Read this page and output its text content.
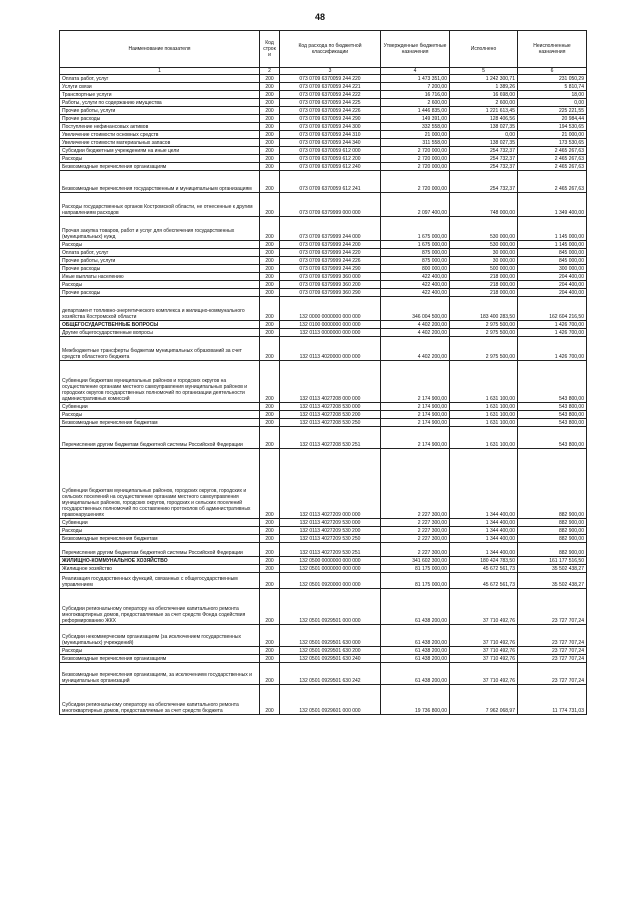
48
Наименование показателя	Код строк и	Код расхода по бюджетной классификации	Утвержденные бюджетные назначения	Исполнено	Неисполненные назначения
1	2	3	4	5	6
Оплата работ, услуг	200	073 0709 6370059 244 220	1 473 351,00	1 242 300,71	231 050,29
Услуги связи	200	073 0709 6370059 244 221	7 200,00	1 389,26	5 810,74
Транспортные услуги	200	073 0709 6370059 244 222	16 716,00	16 698,00	18,00
Работы, услуги по содержанию имущества	200	073 0709 6370059 244 225	2 600,00	2 600,00	0,00
Прочие работы, услуги	200	073 0709 6370059 244 226	1 446 835,00	1 221 613,45	225 221,55
Прочие расходы	200	073 0709 6370059 244 290	149 391,00	128 406,56	20 984,44
Поступление нефинансовых активов	200	073 0709 6370059 244 300	332 558,00	138 027,35	194 530,65
Увеличение стоимости основных средств	200	073 0709 6370059 244 310	21 000,00	0,00	21 000,00
Увеличение стоимости материальных запасов	200	073 0709 6370059 244 340	311 558,00	138 027,35	173 530,65
Субсидии бюджетным учреждениям на иные цели	200	073 0709 6370059 612 000	2 720 000,00	254 732,37	2 465 267,63
Расходы	200	073 0709 6370059 612 200	2 720 000,00	254 732,37	2 465 267,63
Безвозмездные перечисления организациям	200	073 0709 6370059 612 240	2 720 000,00	254 732,37	2 465 267,63
Безвозмездные перечисления государственным и муниципальным организациям	200	073 0709 6370059 612 241	2 720 000,00	254 732,37	2 465 267,63
Расходы государственных органов Костромской области, не отнесенные к другим направлениям расходов	200	073 0709 6379999 000 000	2 097 400,00	748 000,00	1 349 400,00
Прочая закупка товаров, работ и услуг для обеспечения государственных (муниципальных) нужд	200	073 0709 6379999 244 000	1 675 000,00	530 000,00	1 145 000,00
Расходы	200	073 0709 6379999 244 200	1 675 000,00	530 000,00	1 145 000,00
Оплата работ, услуг	200	073 0709 6379999 244 220	875 000,00	30 000,00	845 000,00
Прочие работы, услуги	200	073 0709 6379999 244 226	875 000,00	30 000,00	845 000,00
Прочие расходы	200	073 0709 6379999 244 290	800 000,00	500 000,00	300 000,00
Иные выплаты населению	200	073 0709 6379999 360 000	422 400,00	218 000,00	204 400,00
Расходы	200	073 0709 6379999 360 200	422 400,00	218 000,00	204 400,00
Прочие расходы	200	073 0709 6379999 360 290	422 400,00	218 000,00	204 400,00
департамент топливно-энергетического комплекса и жилищно-коммунального хозяйства Костромской области	200	132 0000 0000000 000 000	346 004 500,00	183 400 283,50	162 604 216,50
ОБЩЕГОСУДАРСТВЕННЫЕ ВОПРОСЫ	200	132 0100 0000000 000 000	4 402 200,00	2 975 500,00	1 426 700,00
Другие общегосударственные вопросы	200	132 0113 0000000 000 000	4 402 200,00	2 975 500,00	1 426 700,00
Межбюджетные трансферты бюджетам муниципальных образований за счет средств областного бюджета	200	132 0113 4020000 000 000	4 402 200,00	2 975 500,00	1 426 700,00
Субвенции бюджетам муниципальных районов и городских округов на осуществление органами местного самоуправления муниципальных районов и городских округов государственных полномочий по организации деятельности административных комиссий	200	132 0113 4027208 000 000	2 174 900,00	1 631 100,00	543 800,00
Субвенции	200	132 0113 4027208 530 000	2 174 900,00	1 631 100,00	543 800,00
Расходы	200	132 0113 4027208 530 200	2 174 900,00	1 631 100,00	543 800,00
Безвозмездные перечисления бюджетам	200	132 0113 4027208 530 250	2 174 900,00	1 631 100,00	543 800,00
Перечисления другим бюджетам бюджетной системы Российской Федерации	200	132 0113 4027208 530 251	2 174 900,00	1 631 100,00	543 800,00
Субвенции бюджетам муниципальных районов, городских округов, городских и сельских поселений на осуществление органами местного самоуправления муниципальных районов, городских округов, городских и сельских поселений государственных полномочий по составлению протоколов об административных правонарушениях	200	132 0113 4027209 000 000	2 227 300,00	1 344 400,00	882 900,00
Субвенции	200	132 0113 4027209 530 000	2 227 300,00	1 344 400,00	882 900,00
Расходы	200	132 0113 4027209 530 200	2 227 300,00	1 344 400,00	882 900,00
Безвозмездные перечисления бюджетам	200	132 0113 4027209 530 250	2 227 300,00	1 344 400,00	882 900,00
Перечисления другим бюджетам бюджетной системы Российской Федерации	200	132 0113 4027209 530 251	2 227 300,00	1 344 400,00	882 900,00
ЖИЛИЩНО-КОММУНАЛЬНОЕ ХОЗЯЙСТВО	200	132 0500 0000000 000 000	341 602 300,00	180 424 783,50	161 177 516,50
Жилищное хозяйство	200	132 0501 0000000 000 000	81 175 000,00	45 672 561,73	35 502 438,27
Реализация государственных функций, связанных с общегосударственным управлением	200	132 0501 0920000 000 000	81 175 000,00	45 672 561,73	35 502 438,27
Субсидии региональному оператору на обеспечение капитального ремонта многоквартирных домов, предоставляемые за счет средств Фонда содействия реформированию ЖКХ	200	132 0501 0929501 000 000	61 438 200,00	37 710 492,76	23 727 707,24
Субсидии некоммерческим организациям (за исключением государственных (муниципальных) учреждений)	200	132 0501 0929501 630 000	61 438 200,00	37 710 492,76	23 727 707,24
Расходы	200	132 0501 0929501 630 200	61 438 200,00	37 710 492,76	23 727 707,24
Безвозмездные перечисления организациям	200	132 0501 0929501 630 240	61 438 200,00	37 710 492,76	23 727 707,24
Безвозмездные перечисления организациям, за исключением государственных и муниципальных организаций	200	132 0501 0929501 630 242	61 438 200,00	37 710 492,76	23 727 707,24
Субсидии региональному оператору на обеспечение капитального ремонта многоквартирных домов, предоставляемые за счет средств бюджета	200	132 0501 0929601 000 000	19 736 800,00	7 962 068,97	11 774 731,03
